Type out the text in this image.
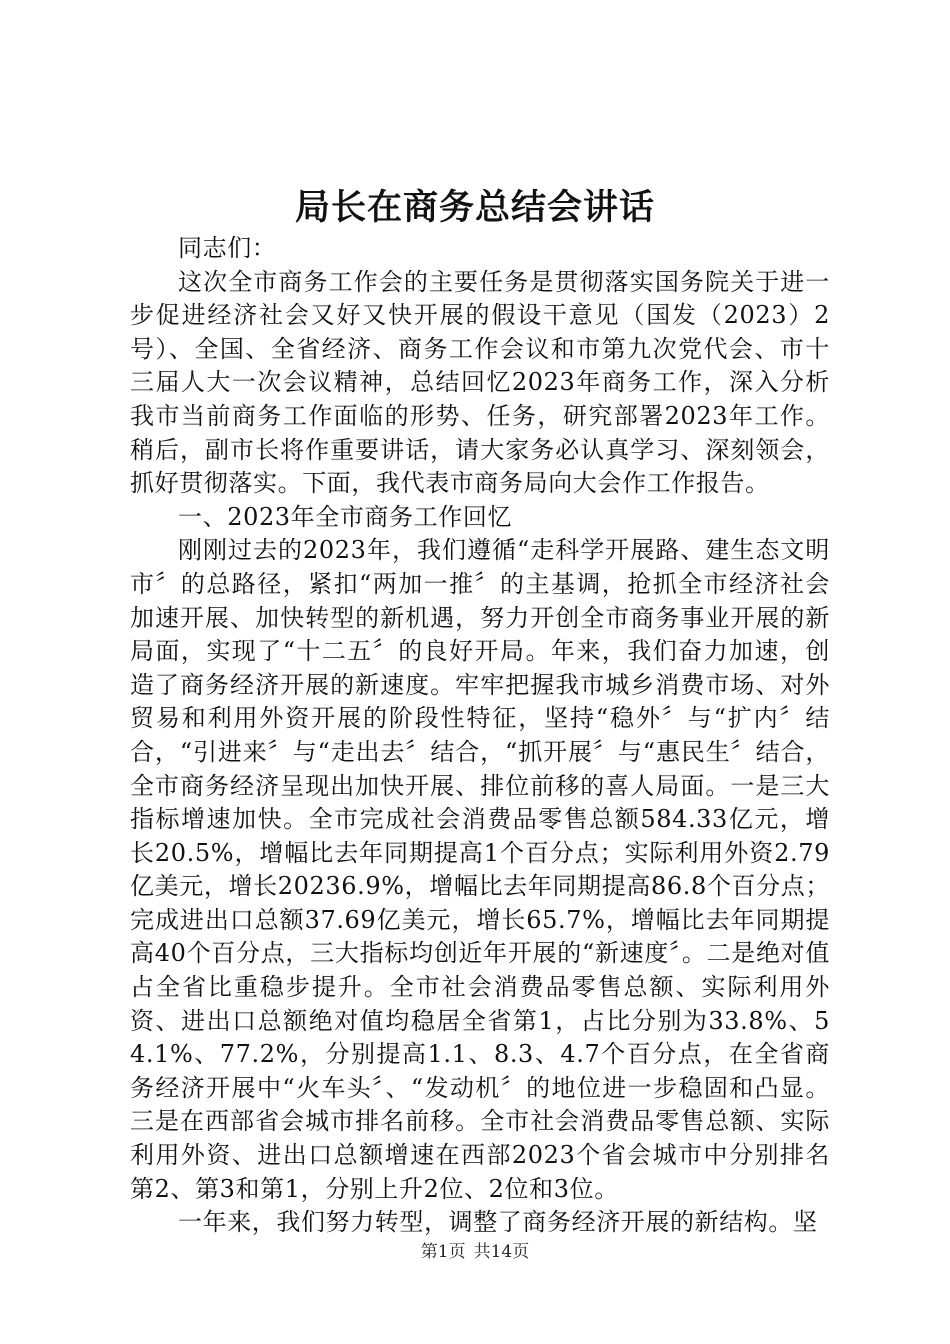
局长在商务总结会讲话

同志们：

这次全市商务工作会的主要任务是贯彻落实国务院关于进一步促进经济社会又好又快开展的假设干意见（国发（2023）2号）、全国、全省经济、商务工作会议和市第九次党代会、市十三届人大一次会议精神，总结回忆2023年商务工作，深入分析我市当前商务工作面临的形势、任务，研究部署2023年工作。稍后，副市长将作重要讲话，请大家务必认真学习、深刻领会，抓好贯彻落实。下面，我代表市商务局向大会作工作报告。

一、2023年全市商务工作回忆

刚刚过去的2023年，我们遵循“走科学开展路、建生态文明市〞的总路径，紧扣“两加一推〞的主基调，抢抓全市经济社会加速开展、加快转型的新机遇，努力开创全市商务事业开展的新局面，实现了“十二五〞的良好开局。年来，我们奋力加速，创造了商务经济开展的新速度。牢牢把握我市城乡消费市场、对外贸易和利用外资开展的阶段性特征，坚持“稳外〞与“扩内〞结合，“引进来〞与“走出去〞结合，“抓开展〞与“惠民生〞结合，全市商务经济呈现出加快开展、排位前移的喜人局面。一是三大指标增速加快。全市完成社会消费品零售总额584.33亿元，增长20.5%，增幅比去年同期提高1个百分点；实际利用外资2.79亿美元，增长20236.9%，增幅比去年同期提高86.8个百分点；完成进出口总额37.69亿美元，增长65.7%，增幅比去年同期提高40个百分点，三大指标均创近年开展的“新速度〞。二是绝对值占全省比重稳步提升。全市社会消费品零售总额、实际利用外资、进出口总额绝对值均稳居全省第1，占比分别为33.8%、54.1%、77.2%，分别提高1.1、8.3、4.7个百分点，在全省商务经济开展中“火车头〞、“发动机〞的地位进一步稳固和凸显。三是在西部省会城市排名前移。全市社会消费品零售总额、实际利用外资、进出口总额增速在西部2023个省会城市中分别排名第2、第3和第1，分别上升2位、2位和3位。

一年来，我们努力转型，调整了商务经济开展的新结构。坚

第1页 共14页
